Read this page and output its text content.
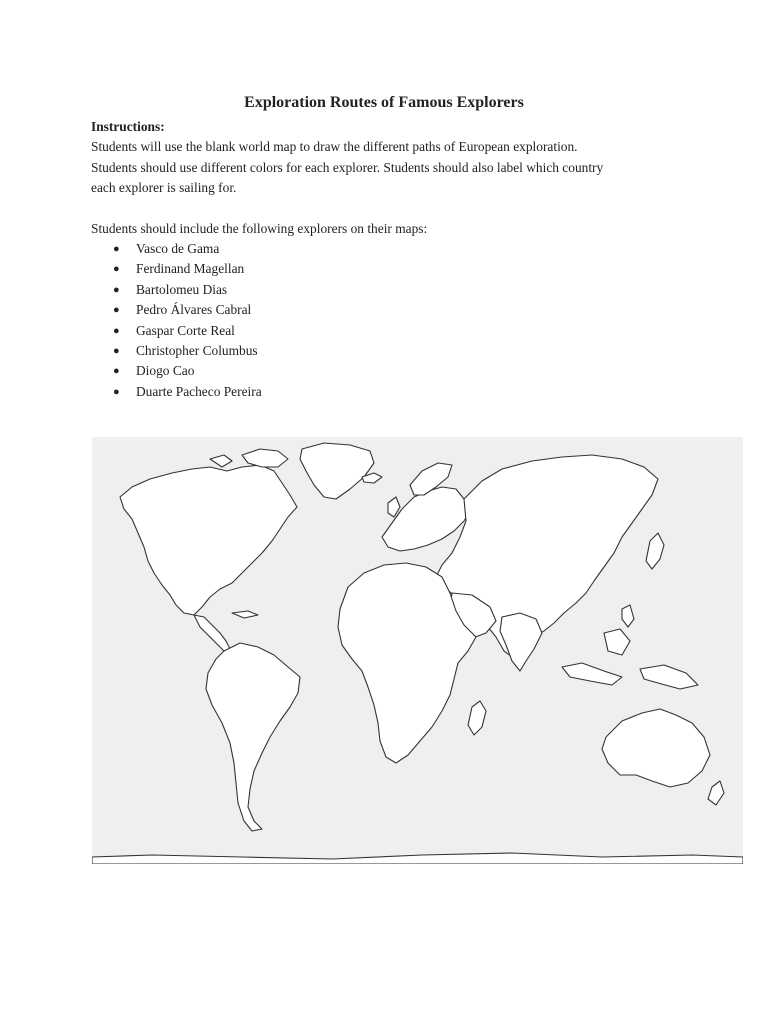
Exploration Routes of Famous Explorers
Instructions:
Students will use the blank world map to draw the different paths of European exploration.
Students should use different colors for each explorer. Students should also label which country
each explorer is sailing for.
Students should include the following explorers on their maps:
● Vasco de Gama
● Ferdinand Magellan
● Bartolomeu Dias
● Pedro Álvares Cabral
● Gaspar Corte Real
● Christopher Columbus
● Diogo Cao
● Duarte Pacheco Pereira
